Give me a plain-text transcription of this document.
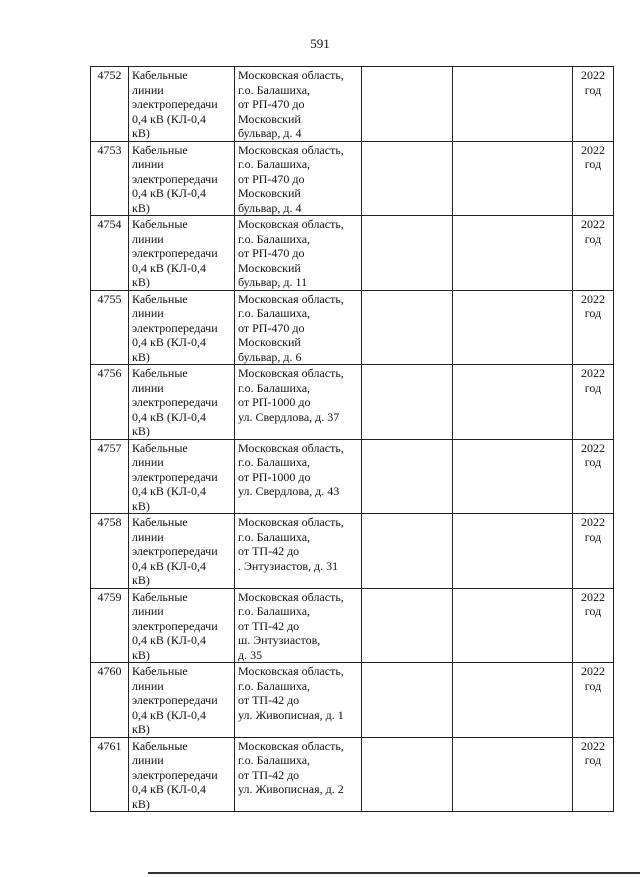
591
4752	Кабельные
линии
электропередачи
0,4 кВ (КЛ-0,4
кВ)	Московская область,
г.о. Балашиха,
от РП-470 до
Московский
бульвар, д. 4			2022
год

4753	Кабельные
линии
электропередачи
0,4 кВ (КЛ-0,4
кВ)	Московская область,
г.о. Балашиха,
от РП-470 до
Московский
бульвар, д. 4			2022
год

4754	Кабельные
линии
электропередачи
0,4 кВ (КЛ-0,4
кВ)	Московская область,
г.о. Балашиха,
от РП-470 до
Московский
бульвар, д. 11			2022
год

4755	Кабельные
линии
электропередачи
0,4 кВ (КЛ-0,4
кВ)	Московская область,
г.о. Балашиха,
от РП-470 до
Московский
бульвар, д. 6			2022
год

4756	Кабельные
линии
электропередачи
0,4 кВ (КЛ-0,4
кВ)	Московская область,
г.о. Балашиха,
от РП-1000 до
ул. Свердлова, д. 37			2022
год

4757	Кабельные
линии
электропередачи
0,4 кВ (КЛ-0,4
кВ)	Московская область,
г.о. Балашиха,
от РП-1000 до
ул. Свердлова, д. 43			2022
год

4758	Кабельные
линии
электропередачи
0,4 кВ (КЛ-0,4
кВ)	Московская область,
г.о. Балашиха,
от ТП-42 до
. Энтузиастов, д. 31			2022
год

4759	Кабельные
линии
электропередачи
0,4 кВ (КЛ-0,4
кВ)	Московская область,
г.о. Балашиха,
от ТП-42 до
ш. Энтузиастов,
д. 35			2022
год

4760	Кабельные
линии
электропередачи
0,4 кВ (КЛ-0,4
кВ)	Московская область,
г.о. Балашиха,
от ТП-42 до
ул. Живописная, д. 1			2022
год

4761	Кабельные
линии
электропередачи
0,4 кВ (КЛ-0,4
кВ)	Московская область,
г.о. Балашиха,
от ТП-42 до
ул. Живописная, д. 2			2022
год
